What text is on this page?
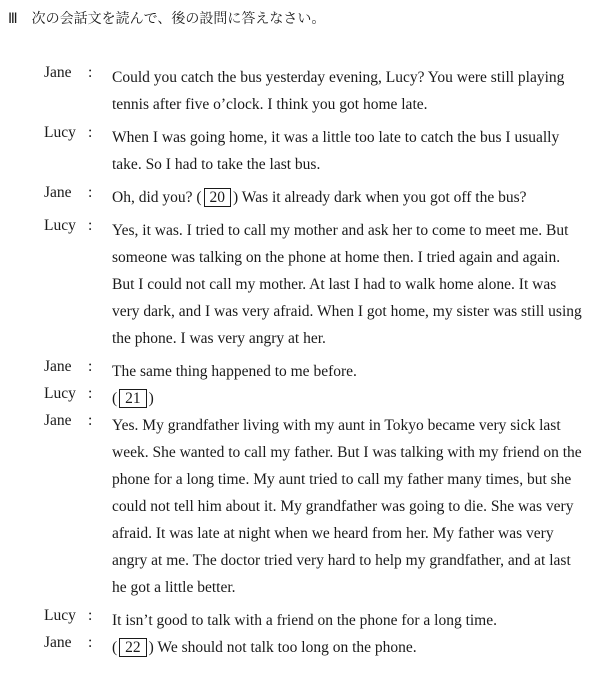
Ⅲ 次の会話文を読んで、後の設問に答えなさい。
Jane : Could you catch the bus yesterday evening, Lucy? You were still playing tennis after five o’clock. I think you got home late.
Lucy : When I was going home, it was a little too late to catch the bus I usually take. So I had to take the last bus.
Jane : Oh, did you? ( 20 ) Was it already dark when you got off the bus?
Lucy : Yes, it was. I tried to call my mother and ask her to come to meet me. But someone was talking on the phone at home then. I tried again and again. But I could not call my mother. At last I had to walk home alone. It was very dark, and I was very afraid. When I got home, my sister was still using the phone. I was very angry at her.
Jane : The same thing happened to me before.
Lucy : ( 21 )
Jane : Yes. My grandfather living with my aunt in Tokyo became very sick last week. She wanted to call my father. But I was talking with my friend on the phone for a long time. My aunt tried to call my father many times, but she could not tell him about it. My grandfather was going to die. She was very afraid. It was late at night when we heard from her. My father was very angry at me. The doctor tried very hard to help my grandfather, and at last he got a little better.
Lucy : It isn’t good to talk with a friend on the phone for a long time.
Jane : ( 22 ) We should not talk too long on the phone.
